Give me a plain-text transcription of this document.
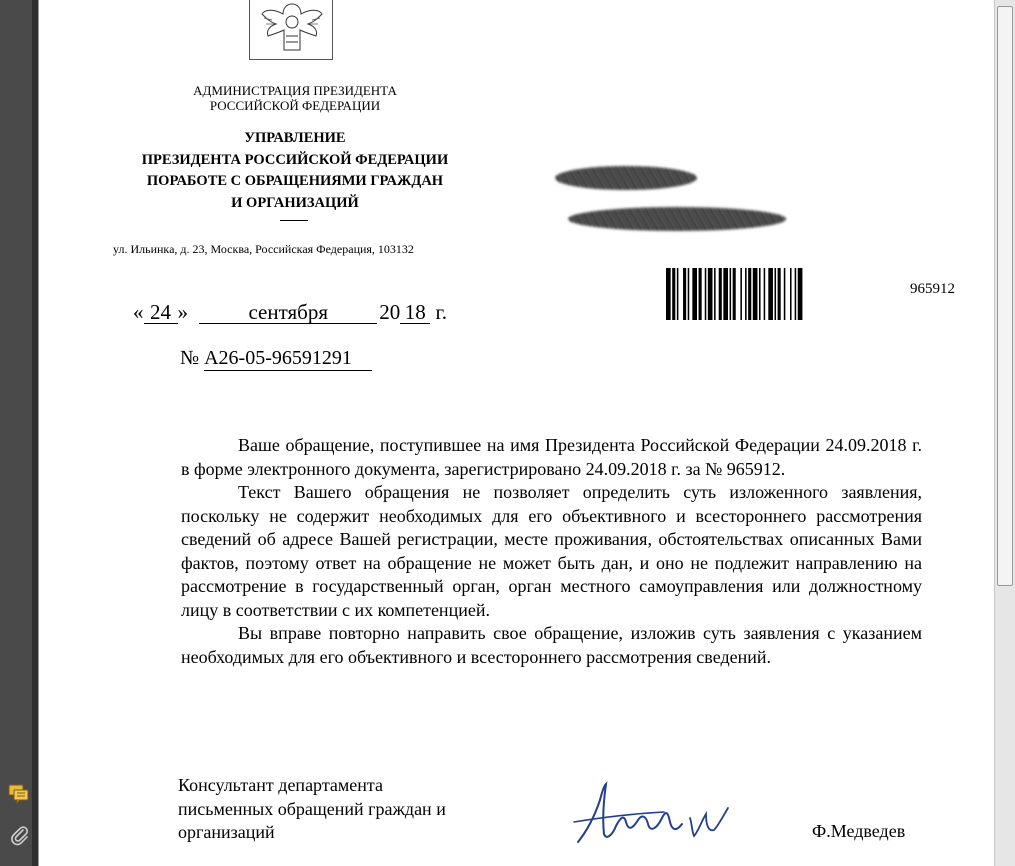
АДМИНИСТРАЦИЯ ПРЕЗИДЕНТА
РОССИЙСКОЙ ФЕДЕРАЦИИ
УПРАВЛЕНИЕ
ПРЕЗИДЕНТА РОССИЙСКОЙ ФЕДЕРАЦИИ
ПОРАБОТЕ С ОБРАЩЕНИЯМИ ГРАЖДАН
И ОРГАНИЗАЦИЙ
ул. Ильинка, д. 23, Москва, Российская Федерация, 103132
965912
« 24 »	сентября 20 18 г.
№ А26-05-96591291

Ваше обращение, поступившее на имя Президента Российской Федерации 24.09.2018 г. в форме электронного документа, зарегистрировано 24.09.2018 г. за № 965912.

Текст Вашего обращения не позволяет определить суть изложенного заявления, поскольку не содержит необходимых для его объективного и всестороннего рассмотрения сведений об адресе Вашей регистрации, месте проживания, обстоятельствах описанных Вами фактов, поэтому ответ на обращение не может быть дан, и оно не подлежит направлению на рассмотрение в государственный орган, орган местного самоуправления или должностному лицу в соответствии с их компетенцией.

Вы вправе повторно направить свое обращение, изложив суть заявления с указанием необходимых для его объективного и всестороннего рассмотрения сведений.

Консультант департамента
письменных обращений граждан и
организаций	Ф.Медведев
